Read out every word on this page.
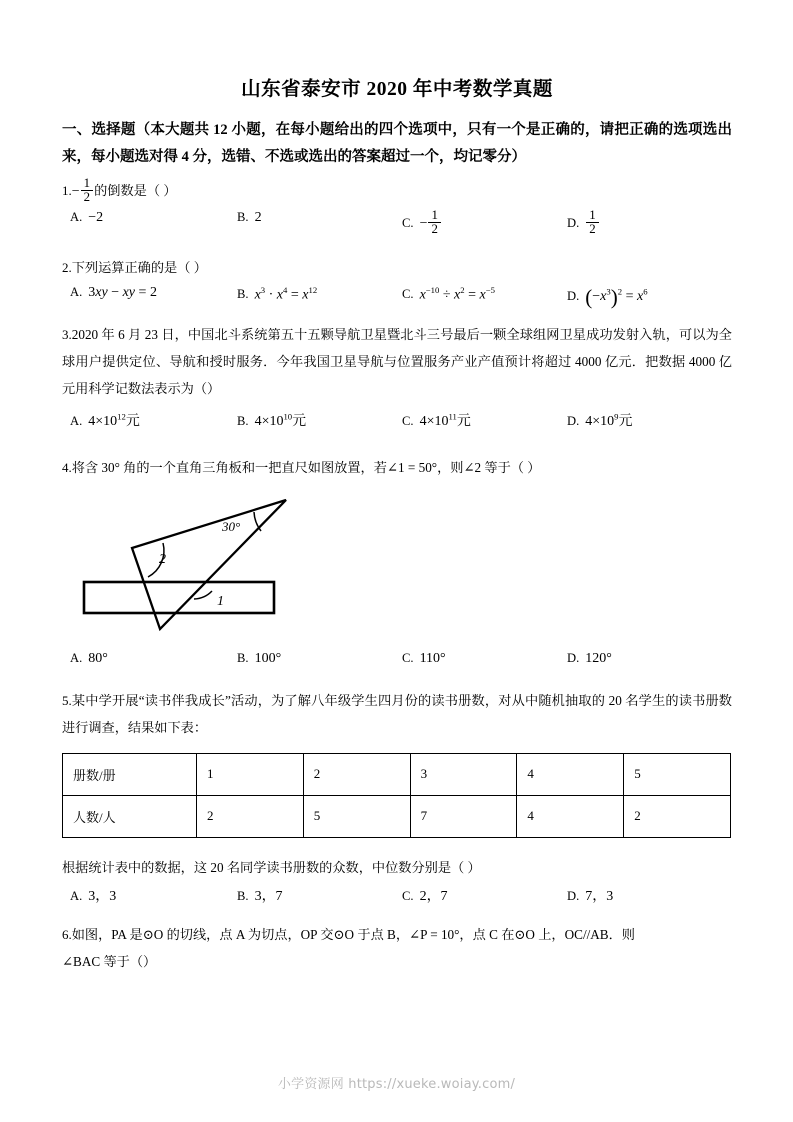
山东省泰安市 2020 年中考数学真题
一、选择题（本大题共 12 小题，在每小题给出的四个选项中，只有一个是正确的，请把正确的选项选出来，每小题选对得 4 分，选错、不选或选出的答案超过一个，均记零分）
$1.- \frac{1}{2}$ 的倒数是（ ）
A. −2	B. 2	C. − $\frac{1}{2}$	D. $\frac{1}{2}$
2.下列运算正确的是（ ）
A. 3xy − xy = 2	B. $x^3 \cdot x^4 = x^{12}$	C. $x^{-10} \div x^2 = x^{-5}$	D. $(-x^3)^2 = x^6$
3.2020 年 6 月 23 日，中国北斗系统第五十五颗导航卫星暨北斗三号最后一颗全球组网卫星成功发射入轨，可以为全球用户提供定位、导航和授时服务．今年我国卫星导航与位置服务产业产值预计将超过 4000 亿元．把数据 4000 亿元用科学记数法表示为（）
A. $4\times 10^{12}$元	B. $4\times 10^{10}$元	C. $4\times 10^{11}$元	D. $4\times 10^9$元
4.将含 30° 角的一个直角三角板和一把直尺如图放置，若∠1 = 50°，则∠2 等于（ ）
30°
2
1
A. 80°	B. 100°	C. 110°	D. 120°
5.某中学开展“读书伴我成长”活动，为了解八年级学生四月份的读书册数，对从中随机抽取的 20 名学生的读书册数进行调查，结果如下表：
册数/册	1	2	3	4	5
人数/人	2	5	7	4	2
根据统计表中的数据，这 20 名同学读书册数的众数，中位数分别是（ ）
A. 3，3	B. 3，7	C. 2，7	D. 7，3
6.如图，PA 是⊙O 的切线，点 A 为切点，OP 交⊙O 于点 B，∠P = 10°，点 C 在⊙O 上，OC//AB．则
∠BAC 等于（）
小学资源网 https://xueke.woiay.com/
